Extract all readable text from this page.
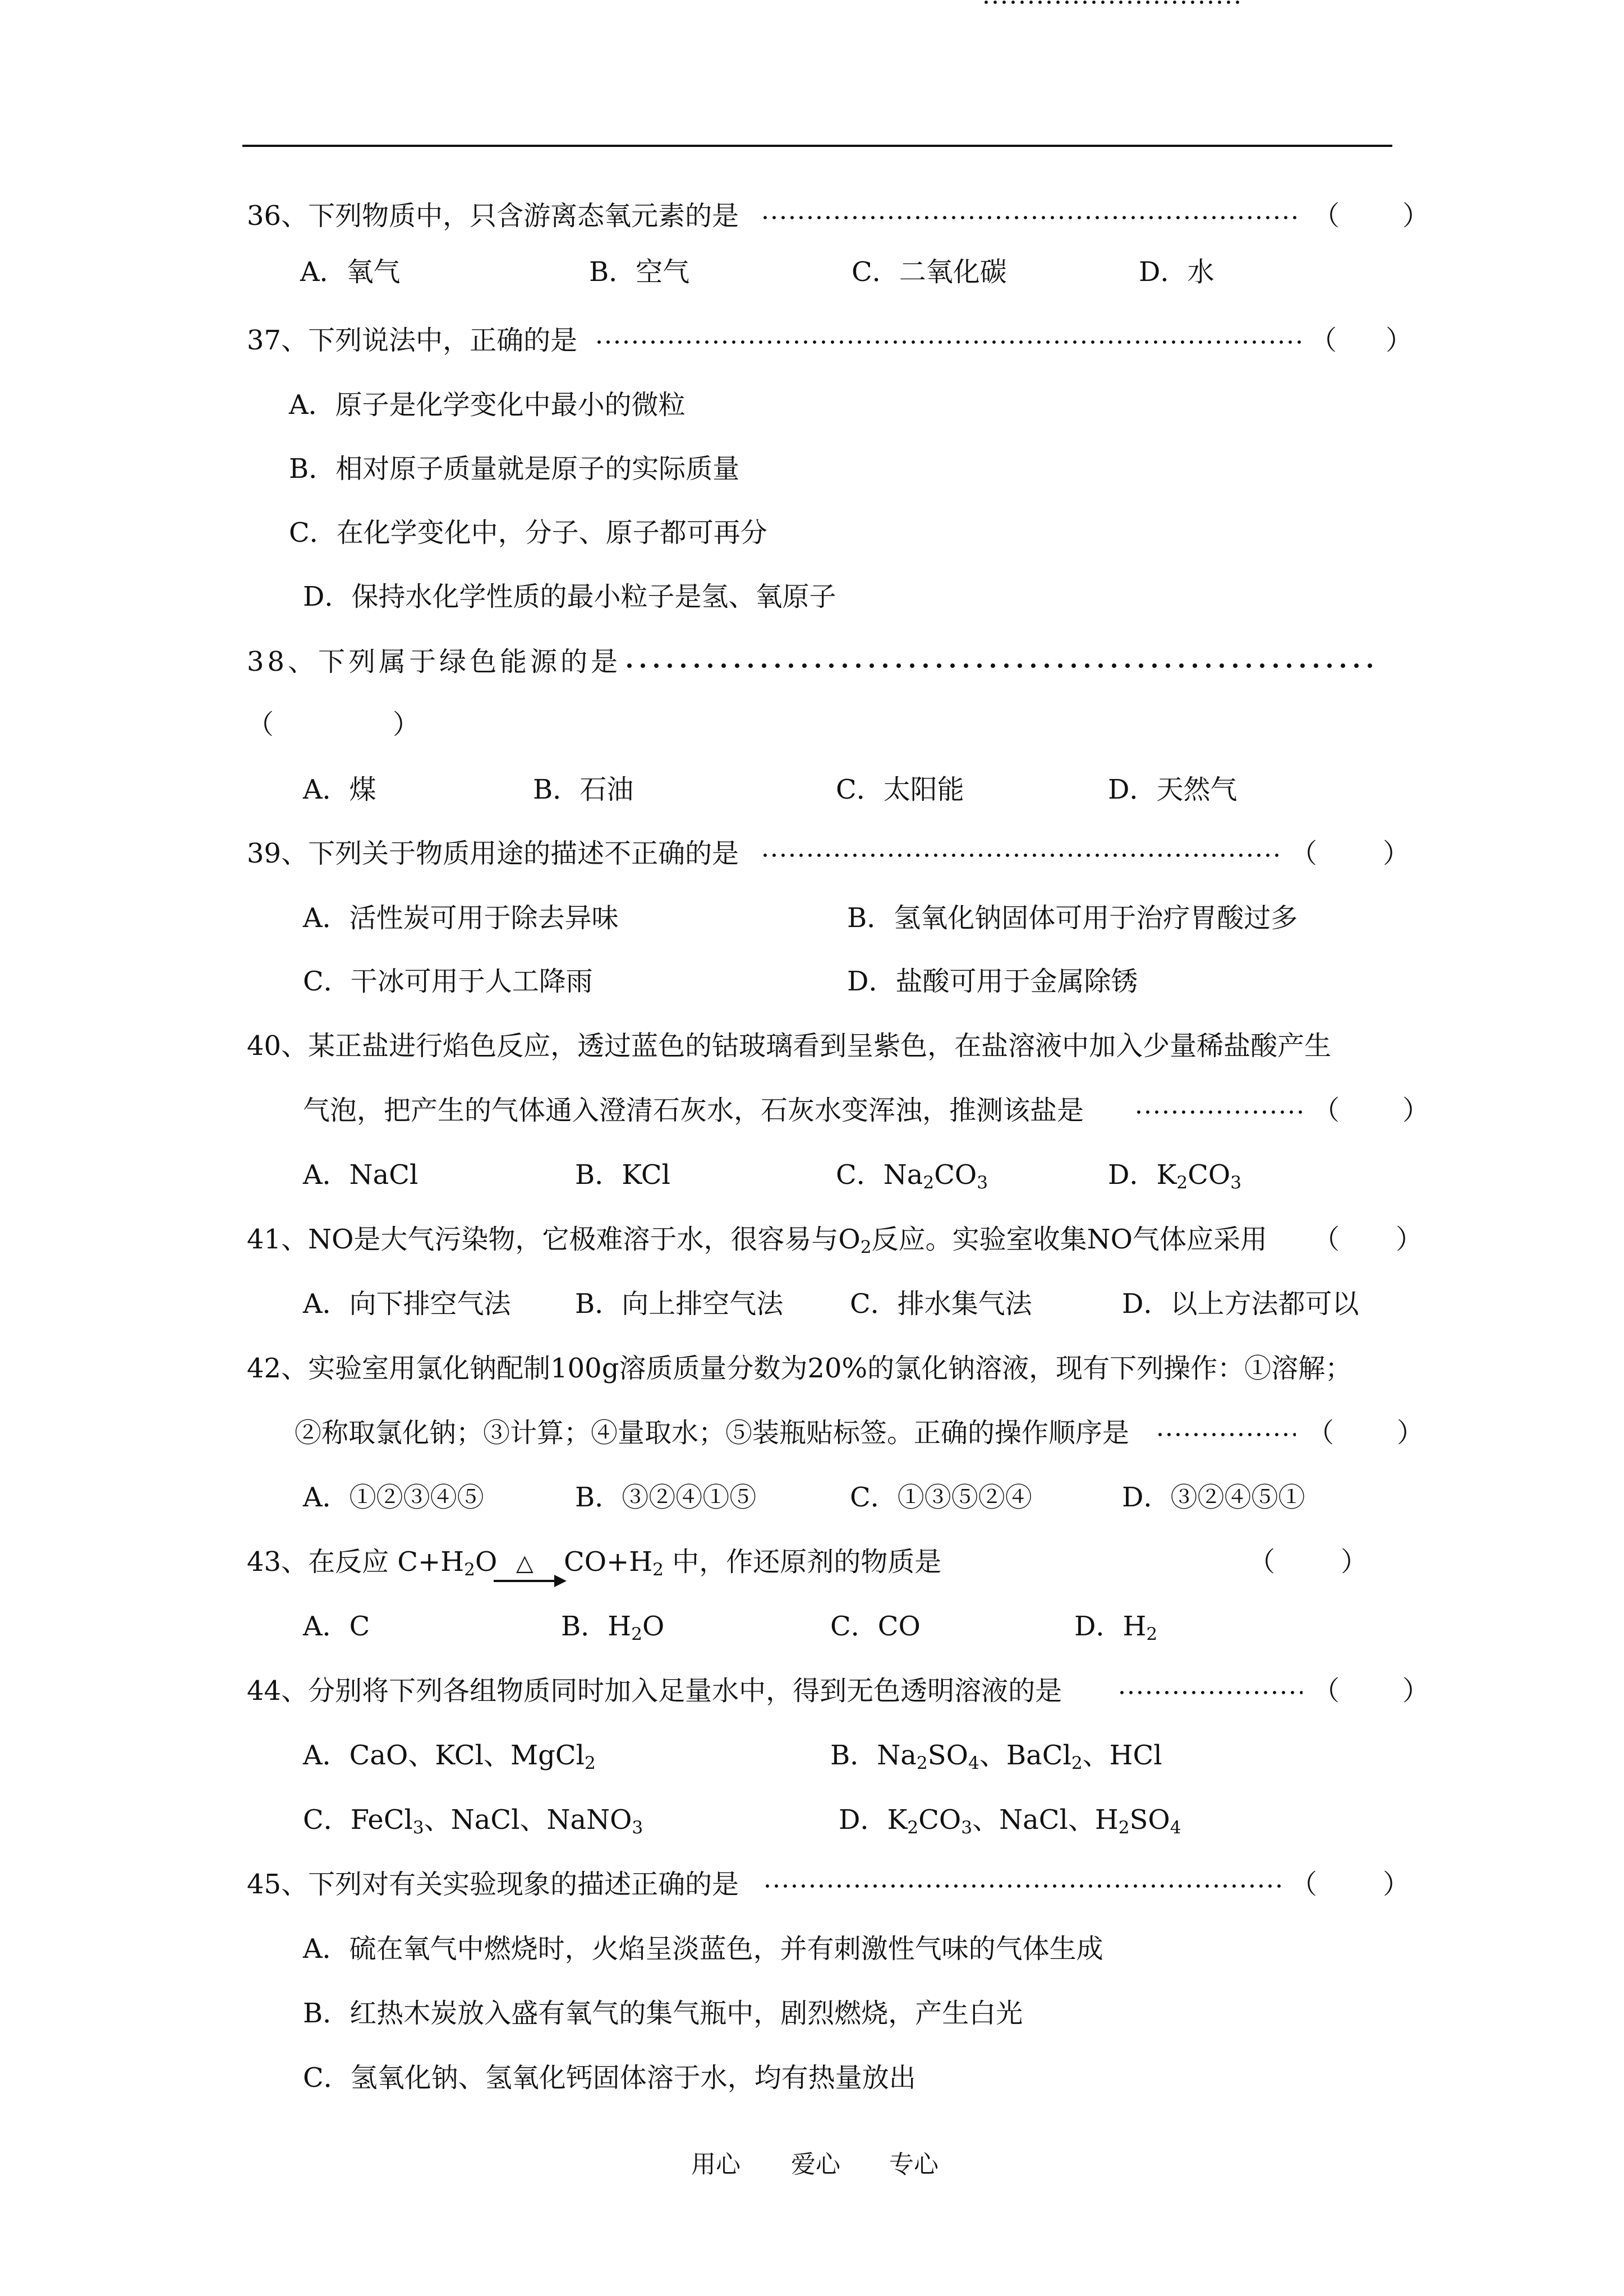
36、下列物质中，只含游离态氧元素的是	（ ）
A．氧气	B．空气	C．二氧化碳	D．水
37、下列说法中，正确的是	（ ）
A．原子是化学变化中最小的微粒
B．相对原子质量就是原子的实际质量
C．在化学变化中，分子、原子都可再分
D．保持水化学性质的最小粒子是氢、氧原子
38、下列属于绿色能源的是
（	）
A．煤	B．石油	C．太阳能	D．天然气
39、下列关于物质用途的描述不正确的是	（ ）
A．活性炭可用于除去异味	B．氢氧化钠固体可用于治疗胃酸过多
C．干冰可用于人工降雨	D．盐酸可用于金属除锈
40、某正盐进行焰色反应，透过蓝色的钴玻璃看到呈紫色，在盐溶液中加入少量稀盐酸产生
气泡，把产生的气体通入澄清石灰水，石灰水变浑浊，推测该盐是	（ ）
A．NaCl	B．KCl	C．$Na_2CO_3$	D．$K_2CO_3$
41、NO是大气污染物，它极难溶于水，很容易与$O_2$反应。实验室收集NO气体应采用 （ ）
A．向下排空气法 B．向上排空气法 C．排水集气法	D．以上方法都可以
42、实验室用氯化钠配制100g溶质质量分数为20%的氯化钠溶液，现有下列操作：①溶解；
②称取氯化钠；③计算；④量取水；⑤装瓶贴标签。正确的操作顺序是	（ ）
A．①②③④⑤	B．③②④①⑤	C．①③⑤②④	D．③②④⑤①
43、在反应 $C+H_2O$ △ $CO+H_2$ 中，作还原剂的物质是	（ ）
A．C	B．$H_2O$	C．CO	D．$H_2$
44、分别将下列各组物质同时加入足量水中，得到无色透明溶液的是	（ ）
A．CaO、KCl、MgCl$_2$	B．$Na_2SO_4$、BaCl$_2$、HCl
C．FeCl$_3$、NaCl、NaNO$_3$	D．$K_2CO_3$、NaCl、$H_2SO_4$
45、下列对有关实验现象的描述正确的是	（ ）
A．硫在氧气中燃烧时，火焰呈淡蓝色，并有刺激性气味的气体生成
B．红热木炭放入盛有氧气的集气瓶中，剧烈燃烧，产生白光
C．氢氧化钠、氢氧化钙固体溶于水，均有热量放出
用心 爱心 专心
